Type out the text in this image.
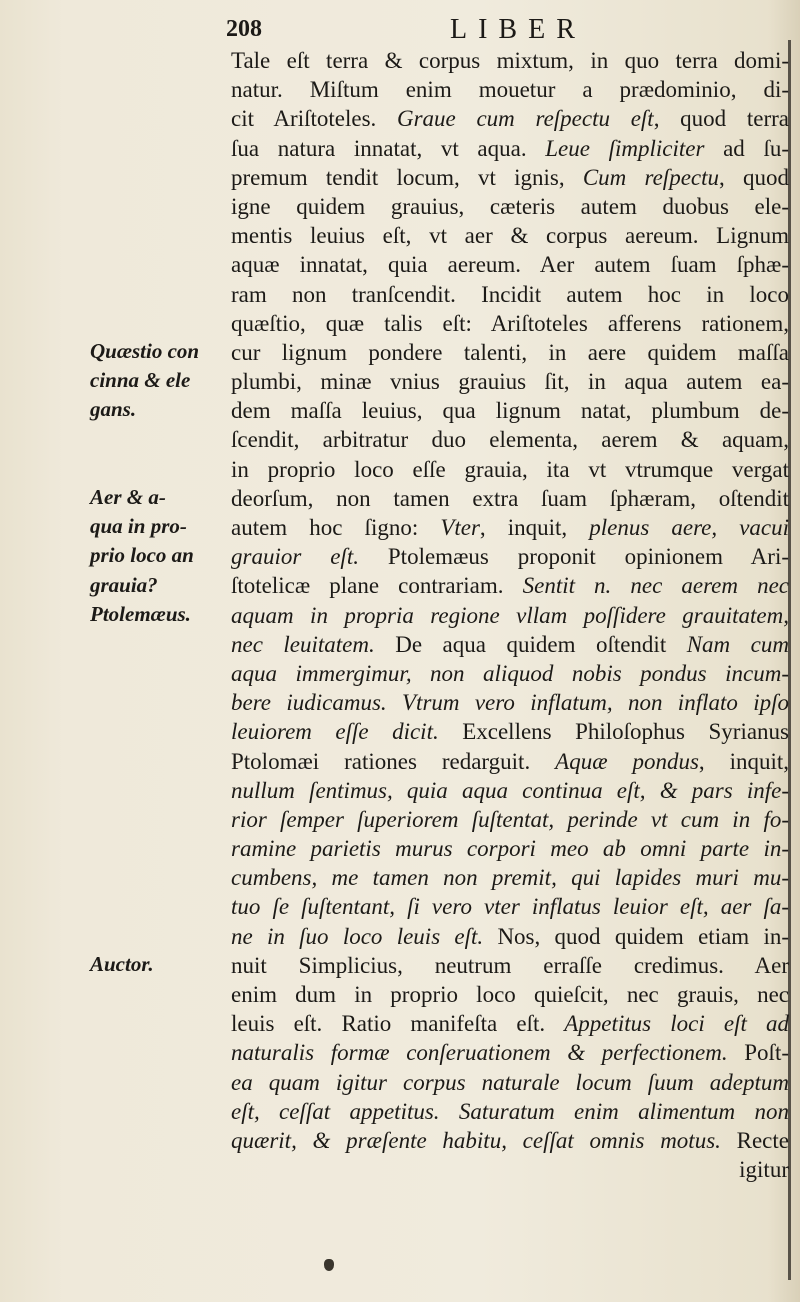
208	LIBER
Quæstio con
cinna & ele
gans.
Aer & a-
qua in pro-
prio loco an
grauia?
Ptolemæus.
Auctor.
Tale eſt terra & corpus mixtum, in quo terra domi-
natur. Miſtum enim mouetur a prædominio, di-
cit Ariſtoteles. Graue cum reſpectu eſt, quod terra
ſua natura innatat, vt aqua. Leue ſimpliciter ad ſu-
premum tendit locum, vt ignis, Cum reſpectu, quod
igne quidem grauius, cæteris autem duobus ele-
mentis leuius eſt, vt aer & corpus aereum. Lignum
aquæ innatat, quia aereum. Aer autem ſuam ſphæ-
ram non tranſcendit. Incidit autem hoc in loco
quæſtio, quæ talis eſt: Ariſtoteles afferens rationem,
cur lignum pondere talenti, in aere quidem maſſa
plumbi, minæ vnius grauius ſit, in aqua autem ea-
dem maſſa leuius, qua lignum natat, plumbum de-
ſcendit, arbitratur duo elementa, aerem & aquam,
in proprio loco eſſe grauia, ita vt vtrumque vergat
deorſum, non tamen extra ſuam ſphæram, oſtendit
autem hoc ſigno: Vter, inquit, plenus aere, vacui
grauior eſt. Ptolemæus proponit opinionem Ari-
ſtotelicæ plane contrariam. Sentit n. nec aerem nec
aquam in propria regione vllam poſſidere grauitatem,
nec leuitatem. De aqua quidem oſtendit Nam cum
aqua immergimur, non aliquod nobis pondus incum-
bere iudicamus. Vtrum vero inflatum, non inflato ipſo
leuiorem eſſe dicit. Excellens Philoſophus Syrianus
Ptolomæi rationes redarguit. Aquæ pondus, inquit,
nullum ſentimus, quia aqua continua eſt, & pars infe-
rior ſemper ſuperiorem ſuſtentat, perinde vt cum in fo-
ramine parietis murus corpori meo ab omni parte in-
cumbens, me tamen non premit, qui lapides muri mu-
tuo ſe ſuſtentant, ſi vero vter inflatus leuior eſt, aer ſa-
ne in ſuo loco leuis eſt. Nos, quod quidem etiam in-
nuit Simplicius, neutrum erraſſe credimus. Aer
enim dum in proprio loco quieſcit, nec grauis, nec
leuis eſt. Ratio manifeſta eſt. Appetitus loci eſt ad
naturalis formæ conſeruationem & perfectionem. Poſt-
ea quam igitur corpus naturale locum ſuum adeptum
eſt, ceſſat appetitus. Saturatum enim alimentum non
quærit, & præſente habitu, ceſſat omnis motus. Recte
igitur
